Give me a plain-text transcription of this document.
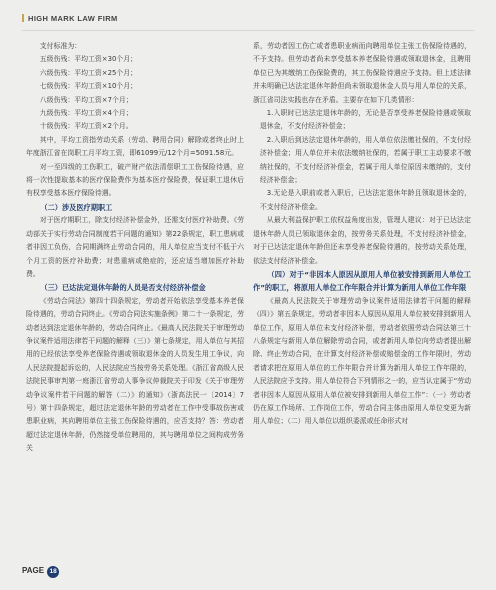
HIGH MARK LAW FIRM

支付标准为：

五级伤残：平均工资×30个月；

六级伤残：平均工资×25个月；

七级伤残：平均工资×10个月；

八级伤残：平均工资×7个月；

九级伤残：平均工资×4个月；

十级伤残：平均工资×2个月。

其中，平均工资指劳动关系（劳动、聘用合同）解除或者终止时上年度浙江省在岗职工月平均工资，即61099元/12个月=5091.58元。

对一至四级的工伤职工，破产财产依法清偿职工工伤保险待遇，应将一次性提取基本的医疗保险费作为基本医疗保险费，保证职工退休后有权享受基本医疗保险待遇。

（二）涉及医疗期职工

对于医疗期职工，除支付经济补偿金外，还需支付医疗补助费。《劳动部关于实行劳动合同制度若干问题的通知》第22条规定，职工患病或者非因工负伤，合同期满终止劳动合同的，用人单位应当支付不低于六个月工资的医疗补助费；对患重病或绝症的，还应适当增加医疗补助费。

（三）已达法定退休年龄的人员是否支付经济补偿金

《劳动合同法》第四十四条规定，劳动者开始依法享受基本养老保险待遇的，劳动合同终止。《劳动合同法实施条例》第二十一条规定，劳动者达到法定退休年龄的，劳动合同终止。《最高人民法院关于审理劳动争议案件适用法律若干问题的解释（三）》第七条规定，用人单位与其招用的已经依法享受养老保险待遇或领取退休金的人员发生用工争议，向人民法院提起诉讼的，人民法院应当按劳务关系处理。《浙江省高级人民法院民事审判第一庭浙江省劳动人事争议仲裁院关于印发《关于审理劳动争议案件若干问题的解答（二）》的通知》（浙高法民一〔2014〕7号）第十四条规定，超过法定退休年龄的劳动者在工作中受事故伤害或患职业病，其向聘用单位主张工伤保险待遇的，应否支持？答：劳动者超过法定退休年龄，仍然接受单位聘用的，其与聘用单位之间构成劳务关

系，劳动者因工伤亡或者患职业病而向聘用单位主张工伤保险待遇的，不予支持。但劳动者尚未享受基本养老保险待遇或领取退休金，且聘用单位已为其缴纳工伤保险费的，其工伤保险待遇应予支持。但上述法律并未明确已达法定退休年龄但尚未领取退休金人员与用人单位的关系，浙江省司法实践也存在矛盾。主要存在如下几类情形：

1.入职时已达法定退休年龄的，无论是否享受养老保险待遇或领取退休金，不支付经济补偿金；

2.入职后到达法定退休年龄的，用人单位依法缴社保的，不支付经济补偿金；用人单位并未依法缴纳社保的，若属于职工主动要求不缴纳社保的，不支付经济补偿金，若属于用人单位原因未缴纳的，支付经济补偿金；

3.无论是入职前或者入职后，已达法定退休年龄且领取退休金的，不支付经济补偿金。

从最大利益保护职工依权益角度出发，管理人建议：对于已达法定退休年龄人员已领取退休金的，按劳务关系处理，不支付经济补偿金，对于已达法定退休年龄但还未享受养老保险待遇的，按劳动关系处理，依法支付经济补偿金。

（四）对于“非因本人原因从原用人单位被安排到新用人单位工作”的职工，将原用人单位工作年限合并计算为新用人单位工作年限

《最高人民法院关于审理劳动争议案件适用法律若干问题的解释（四）》第五条规定，劳动者非因本人原因从原用人单位被安排到新用人单位工作，原用人单位未支付经济补偿，劳动者依照劳动合同法第三十八条规定与新用人单位解除劳动合同，或者新用人单位向劳动者提出解除、终止劳动合同，在计算支付经济补偿或赔偿金的工作年限时，劳动者请求把在原用人单位的工作年限合并计算为新用人单位工作年限的，人民法院应予支持。用人单位符合下列情形之一的，应当认定属于“劳动者非因本人原因从原用人单位被安排到新用人单位工作”：（一）劳动者仍在原工作场所、工作岗位工作，劳动合同主体由原用人单位变更为新用人单位；（二）用人单位以组织委派或任命形式对

PAGE 18
